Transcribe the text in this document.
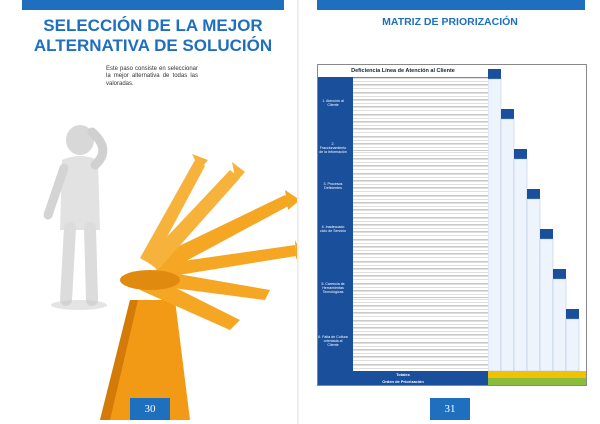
SELECCIÓN DE LA MEJOR
ALTERNATIVA DE SOLUCIÓN
Este paso consiste en seleccionar la mejor alternativa de todas las valoradas.
30
MATRIZ DE PRIORIZACIÓN
Deficiencia Línea de Atención al Cliente
1. Atención al Cliente
2. Fraccionamiento de la Información
3. Procesos Deficientes
4. Inadecuado ciclo de Servicio
5. Carencia de Herramientas Tecnológicas
6. Falta de Cultura orientada al Cliente
Totales
Orden de Priorización
31
